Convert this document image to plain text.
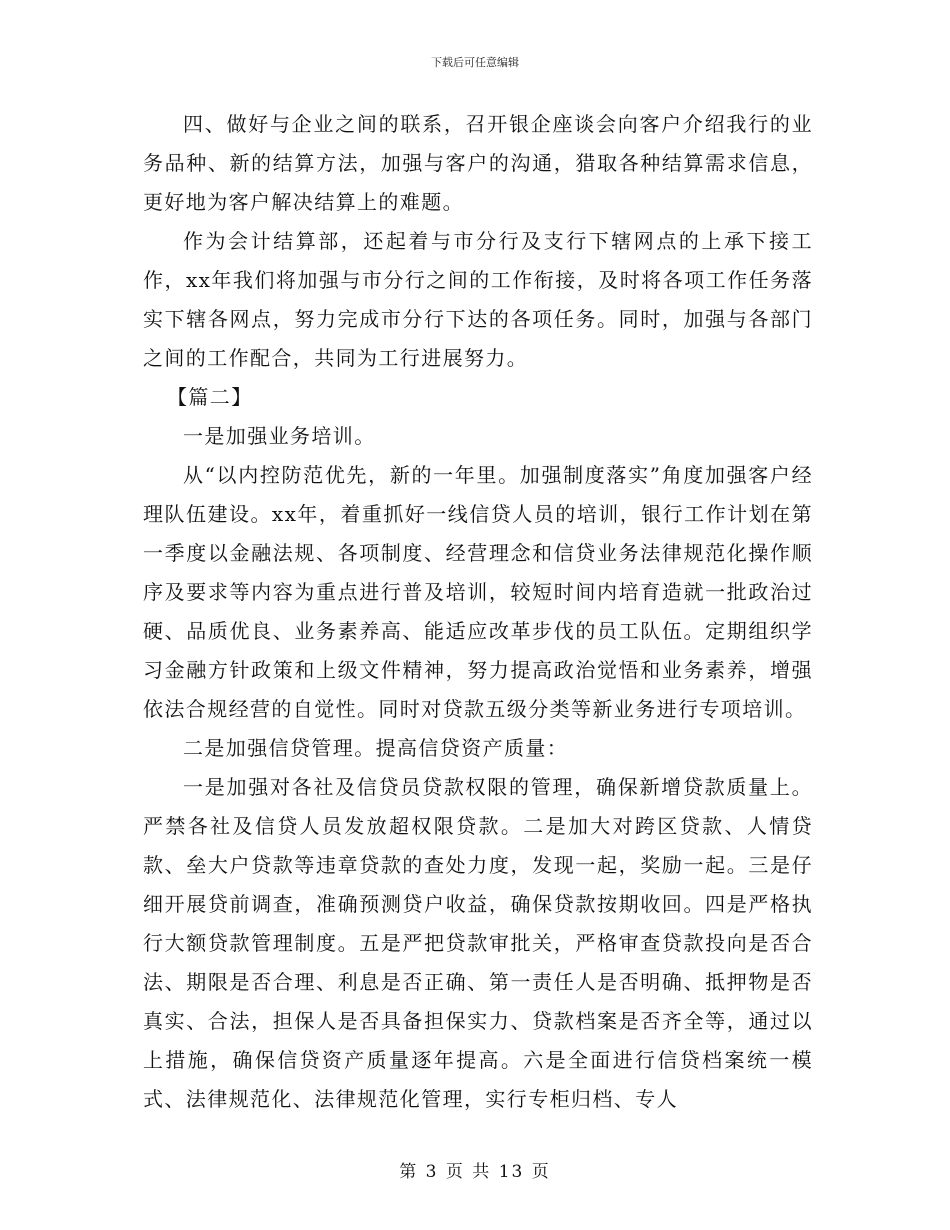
下载后可任意编辑

四、做好与企业之间的联系，召开银企座谈会向客户介绍我行的业务品种、新的结算方法，加强与客户的沟通，猎取各种结算需求信息，更好地为客户解决结算上的难题。

作为会计结算部，还起着与市分行及支行下辖网点的上承下接工作，xx年我们将加强与市分行之间的工作衔接，及时将各项工作任务落实下辖各网点，努力完成市分行下达的各项任务。同时，加强与各部门之间的工作配合，共同为工行进展努力。

【篇二】

一是加强业务培训。

从“以内控防范优先，新的一年里。加强制度落实”角度加强客户经理队伍建设。xx年，着重抓好一线信贷人员的培训，银行工作计划在第一季度以金融法规、各项制度、经营理念和信贷业务法律规范化操作顺序及要求等内容为重点进行普及培训，较短时间内培育造就一批政治过硬、品质优良、业务素养高、能适应改革步伐的员工队伍。定期组织学习金融方针政策和上级文件精神，努力提高政治觉悟和业务素养，增强依法合规经营的自觉性。同时对贷款五级分类等新业务进行专项培训。

二是加强信贷管理。提高信贷资产质量：

一是加强对各社及信贷员贷款权限的管理，确保新增贷款质量上。严禁各社及信贷人员发放超权限贷款。二是加大对跨区贷款、人情贷款、垒大户贷款等违章贷款的查处力度，发现一起，奖励一起。三是仔细开展贷前调查，准确预测贷户收益，确保贷款按期收回。四是严格执行大额贷款管理制度。五是严把贷款审批关，严格审查贷款投向是否合法、期限是否合理、利息是否正确、第一责任人是否明确、抵押物是否真实、合法，担保人是否具备担保实力、贷款档案是否齐全等，通过以上措施，确保信贷资产质量逐年提高。六是全面进行信贷档案统一模式、法律规范化、法律规范化管理，实行专柜归档、专人

第 3 页 共 13 页
